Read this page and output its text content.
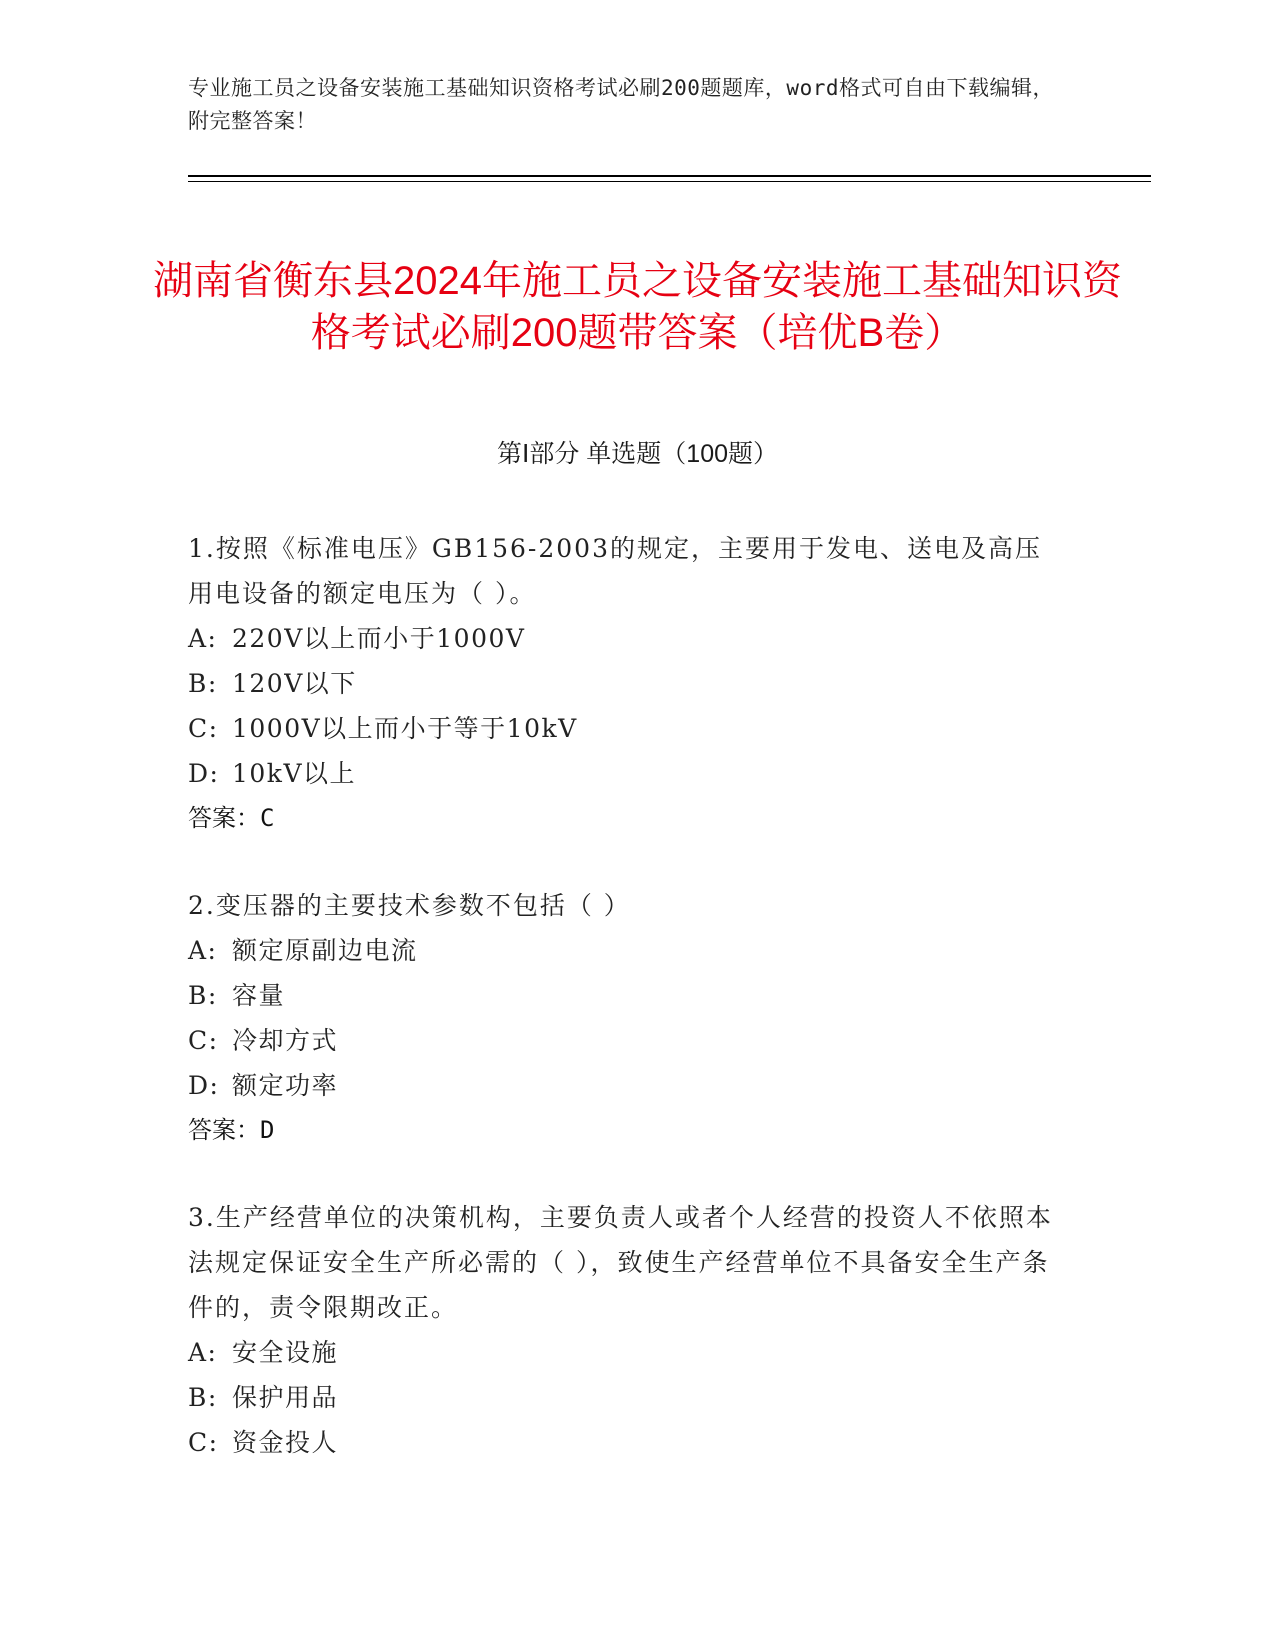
专业施工员之设备安装施工基础知识资格考试必刷200题题库，word格式可自由下载编辑，附完整答案！
湖南省衡东县2024年施工员之设备安装施工基础知识资格考试必刷200题带答案（培优B卷）
第Ⅰ部分 单选题（100题）
1.按照《标准电压》GB156-2003的规定，主要用于发电、送电及高压用电设备的额定电压为（ ）。
A: 220V以上而小于1000V
B: 120V以下
C: 1000V以上而小于等于10kV
D: 10kV以上
答案：C
2.变压器的主要技术参数不包括（ ）
A: 额定原副边电流
B: 容量
C: 冷却方式
D: 额定功率
答案：D
3.生产经营单位的决策机构，主要负责人或者个人经营的投资人不依照本法规定保证安全生产所必需的（ ），致使生产经营单位不具备安全生产条件的，责令限期改正。
A: 安全设施
B: 保护用品
C: 资金投人
